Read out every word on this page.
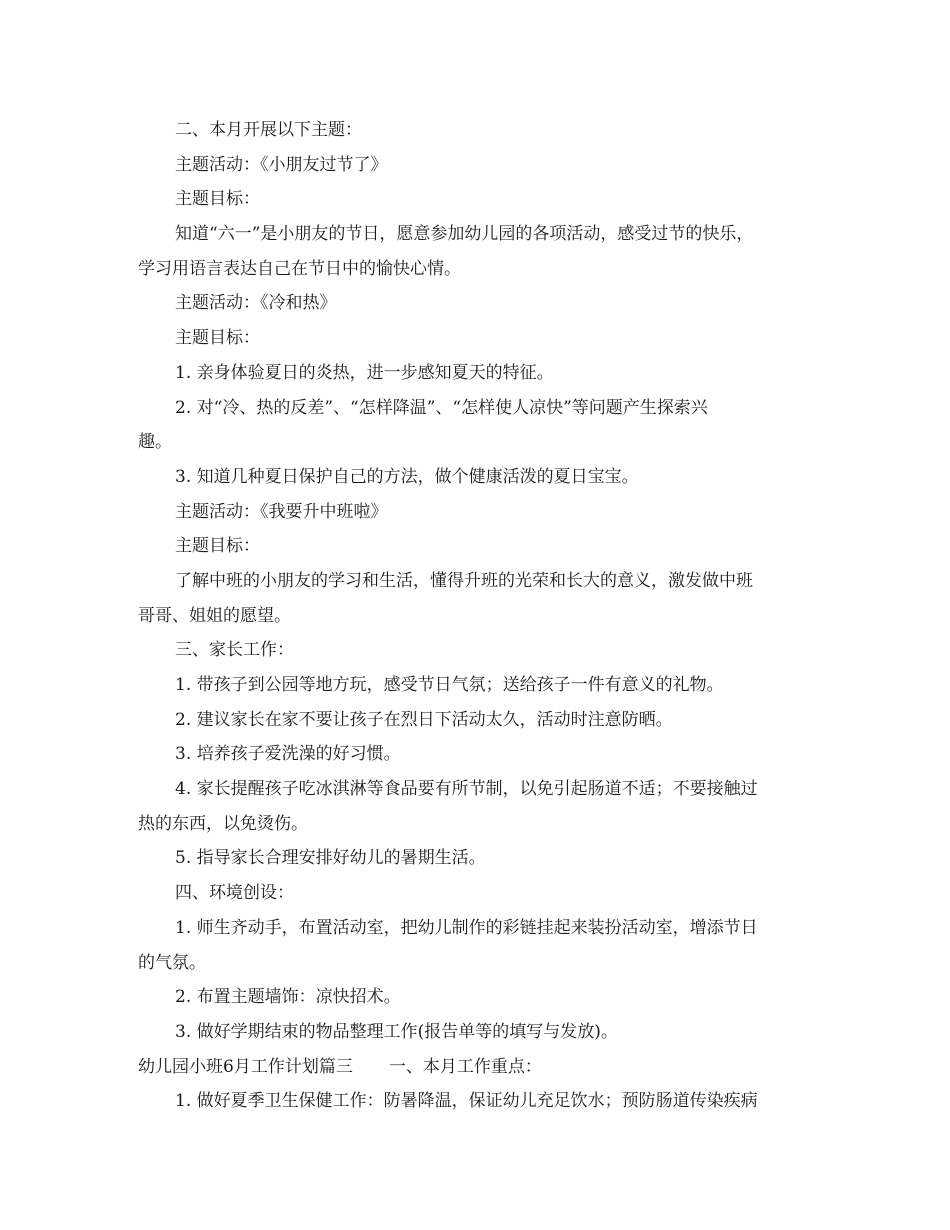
二、本月开展以下主题：
主题活动：《小朋友过节了》
主题目标：
知道“六一”是小朋友的节日，愿意参加幼儿园的各项活动，感受过节的快乐，
学习用语言表达自己在节日中的愉快心情。
主题活动：《冷和热》
主题目标：
1. 亲身体验夏日的炎热，进一步感知夏天的特征。
2. 对“冷、热的反差”、“怎样降温”、“怎样使人凉快”等问题产生探索兴
趣。
3. 知道几种夏日保护自己的方法，做个健康活泼的夏日宝宝。
主题活动：《我要升中班啦》
主题目标：
了解中班的小朋友的学习和生活，懂得升班的光荣和长大的意义，激发做中班
哥哥、姐姐的愿望。
三、家长工作：
1. 带孩子到公园等地方玩，感受节日气氛；送给孩子一件有意义的礼物。
2. 建议家长在家不要让孩子在烈日下活动太久，活动时注意防晒。
3. 培养孩子爱洗澡的好习惯。
4. 家长提醒孩子吃冰淇淋等食品要有所节制，以免引起肠道不适；不要接触过
热的东西，以免烫伤。
5. 指导家长合理安排好幼儿的暑期生活。
四、环境创设：
1. 师生齐动手，布置活动室，把幼儿制作的彩链挂起来装扮活动室，增添节日
的气氛。
2. 布置主题墙饰：凉快招术。
3. 做好学期结束的物品整理工作(报告单等的填写与发放)。
幼儿园小班6月工作计划篇三 一、本月工作重点：
1. 做好夏季卫生保健工作：防暑降温，保证幼儿充足饮水；预防肠道传染疾病
